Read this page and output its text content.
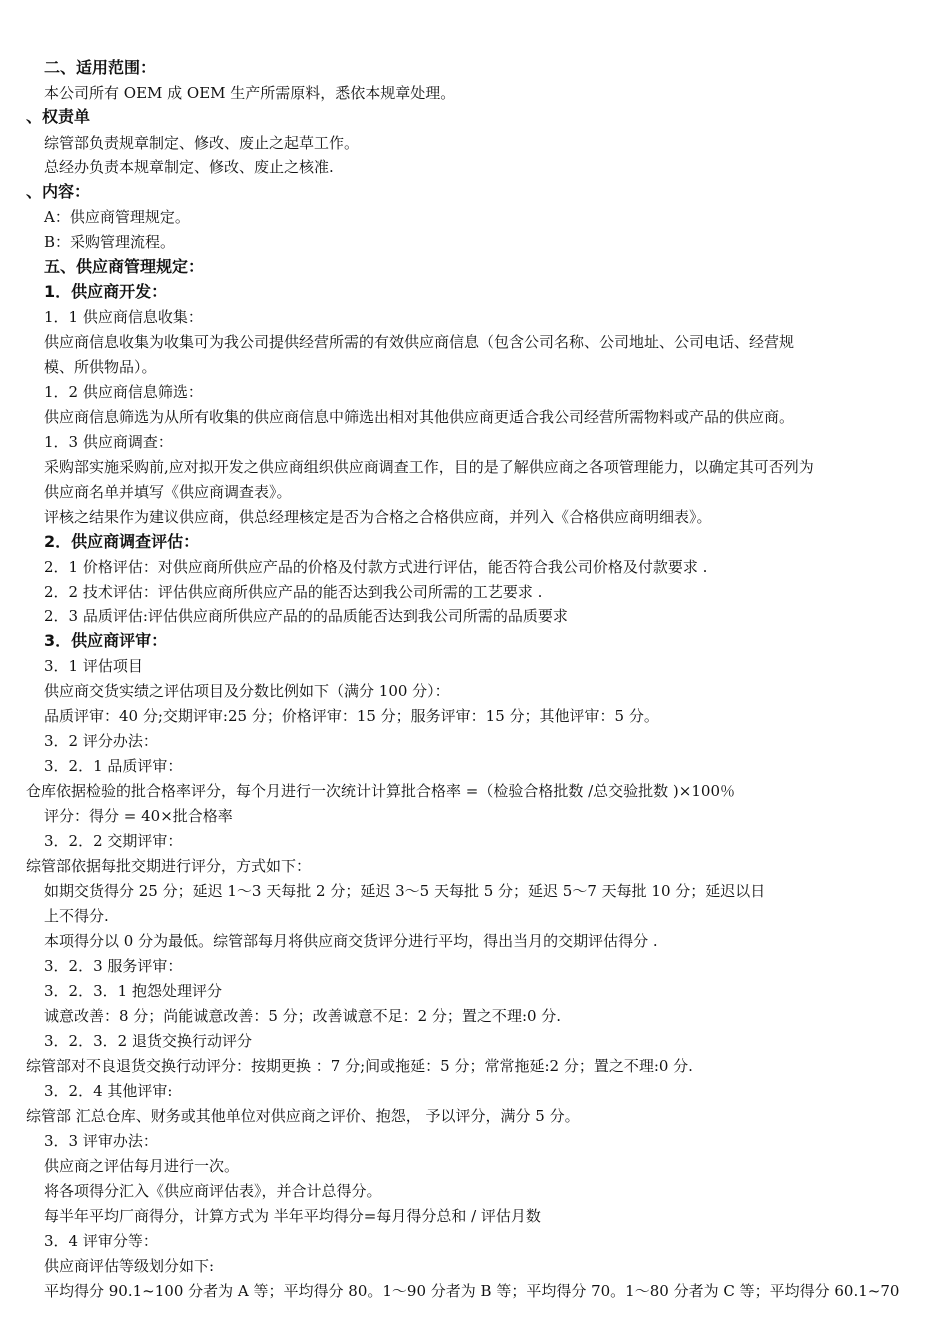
二、适用范围：
本公司所有 OEM 成 OEM 生产所需原料，悉依本规章处理。
、权责单
综管部负责规章制定、修改、废止之起草工作。
总经办负责本规章制定、修改、废止之核准.
、内容：
A：供应商管理规定。
B：采购管理流程。
五、供应商管理规定：
1．供应商开发：
1．1 供应商信息收集：
供应商信息收集为收集可为我公司提供经营所需的有效供应商信息（包含公司名称、公司地址、公司电话、经营规
模、所供物品）。
1．2 供应商信息筛选：
供应商信息筛选为从所有收集的供应商信息中筛选出相对其他供应商更适合我公司经营所需物料或产品的供应商。
1．3 供应商调查：
采购部实施采购前,应对拟开发之供应商组织供应商调查工作，目的是了解供应商之各项管理能力，以确定其可否列为
供应商名单并填写《供应商调查表》。
评核之结果作为建议供应商，供总经理核定是否为合格之合格供应商，并列入《合格供应商明细表》。
2．供应商调查评估：
2．1 价格评估：对供应商所供应产品的价格及付款方式进行评估，能否符合我公司价格及付款要求 .
2．2 技术评估：评估供应商所供应产品的能否达到我公司所需的工艺要求 .
2．3 品质评估:评估供应商所供应产品的的品质能否达到我公司所需的品质要求
3．供应商评审：
3．1 评估项目
供应商交货实绩之评估项目及分数比例如下（满分 100 分）：
品质评审：40 分;交期评审:25 分；价格评审：15 分；服务评审：15 分；其他评审：5 分。
3．2 评分办法：
3．2．1 品质评审：
仓库依据检验的批合格率评分，每个月进行一次统计计算批合格率 =（检验合格批数 /总交验批数 )×100％
评分：得分 = 40×批合格率
3．2．2 交期评审：
综管部依据每批交期进行评分，方式如下：
如期交货得分 25 分；延迟 1～3 天每批 2 分；延迟 3～5 天每批 5 分；延迟 5～7 天每批 10 分；延迟以日
上不得分.
本项得分以 0 分为最低。综管部每月将供应商交货评分进行平均，得出当月的交期评估得分 .
3．2．3 服务评审：
3．2．3．1 抱怨处理评分
诚意改善：8 分；尚能诚意改善：5 分；改善诚意不足：2 分；置之不理:0 分.
3．2．3．2 退货交换行动评分
综管部对不良退货交换行动评分：按期更换 ：7 分;间或拖延：5 分；常常拖延:2 分；置之不理:0 分.
3．2．4 其他评审:
综管部 汇总仓库、财务或其他单位对供应商之评价、抱怨， 予以评分，满分 5 分。
3．3 评审办法：
供应商之评估每月进行一次。
将各项得分汇入《供应商评估表》，并合计总得分。
每半年平均厂商得分，计算方式为 半年平均得分=每月得分总和 / 评估月数
3．4 评审分等：
供应商评估等级划分如下:
平均得分 90.1~100 分者为 A 等；平均得分 80。1～90 分者为 B 等；平均得分 70。1～80 分者为 C 等；平均得分 60.1~70
